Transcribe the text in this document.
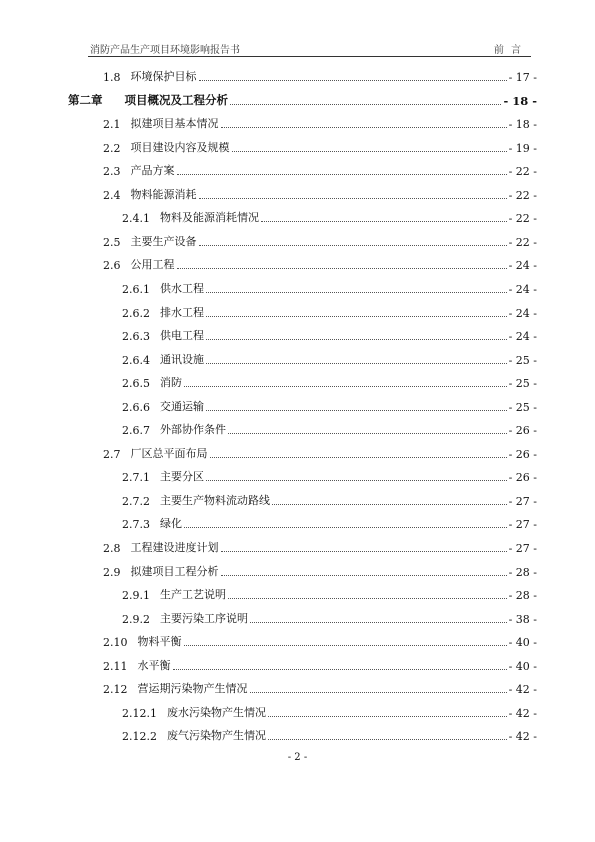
消防产品生产项目环境影响报告书	前 言
1.8 环境保护目标	- 17 -
第二章 项目概况及工程分析	- 18 -
2.1 拟建项目基本情况	- 18 -
2.2 项目建设内容及规模	- 19 -
2.3 产品方案	- 22 -
2.4 物料能源消耗	- 22 -
2.4.1 物料及能源消耗情况	- 22 -
2.5 主要生产设备	- 22 -
2.6 公用工程	- 24 -
2.6.1 供水工程	- 24 -
2.6.2 排水工程	- 24 -
2.6.3 供电工程	- 24 -
2.6.4 通讯设施	- 25 -
2.6.5 消防	- 25 -
2.6.6 交通运输	- 25 -
2.6.7 外部协作条件	- 26 -
2.7 厂区总平面布局	- 26 -
2.7.1 主要分区	- 26 -
2.7.2 主要生产物料流动路线	- 27 -
2.7.3 绿化	- 27 -
2.8 工程建设进度计划	- 27 -
2.9 拟建项目工程分析	- 28 -
2.9.1 生产工艺说明	- 28 -
2.9.2 主要污染工序说明	- 38 -
2.10 物料平衡	- 40 -
2.11 水平衡	- 40 -
2.12 营运期污染物产生情况	- 42 -
2.12.1 废水污染物产生情况	- 42 -
2.12.2 废气污染物产生情况	- 42 -
- 2 -
